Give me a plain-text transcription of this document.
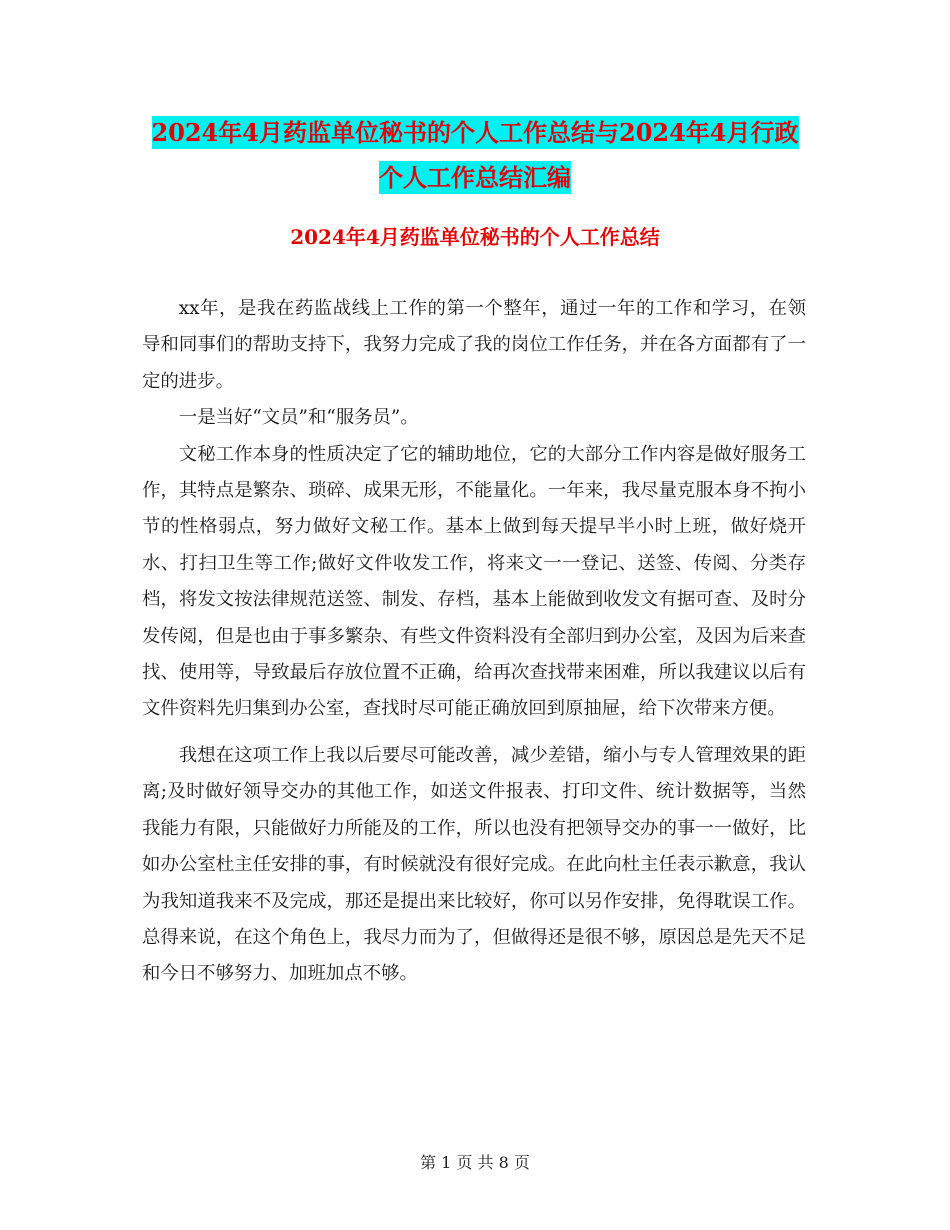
2024年4月药监单位秘书的个人工作总结与2024年4月行政个人工作总结汇编
2024年4月药监单位秘书的个人工作总结

xx年，是我在药监战线上工作的第一个整年，通过一年的工作和学习，在领导和同事们的帮助支持下，我努力完成了我的岗位工作任务，并在各方面都有了一定的进步。

一是当好“文员”和“服务员”。

文秘工作本身的性质决定了它的辅助地位，它的大部分工作内容是做好服务工作，其特点是繁杂、琐碎、成果无形，不能量化。一年来，我尽量克服本身不拘小节的性格弱点，努力做好文秘工作。基本上做到每天提早半小时上班，做好烧开水、打扫卫生等工作;做好文件收发工作，将来文一一登记、送签、传阅、分类存档，将发文按法律规范送签、制发、存档，基本上能做到收发文有据可查、及时分发传阅，但是也由于事多繁杂、有些文件资料没有全部归到办公室，及因为后来查找、使用等，导致最后存放位置不正确，给再次查找带来困难，所以我建议以后有文件资料先归集到办公室，查找时尽可能正确放回到原抽屉，给下次带来方便。

我想在这项工作上我以后要尽可能改善，减少差错，缩小与专人管理效果的距离;及时做好领导交办的其他工作，如送文件报表、打印文件、统计数据等，当然我能力有限，只能做好力所能及的工作，所以也没有把领导交办的事一一做好，比如办公室杜主任安排的事，有时候就没有很好完成。在此向杜主任表示歉意，我认为我知道我来不及完成，那还是提出来比较好，你可以另作安排，免得耽误工作。总得来说，在这个角色上，我尽力而为了，但做得还是很不够，原因总是先天不足和今日不够努力、加班加点不够。

第 1 页 共 8 页
